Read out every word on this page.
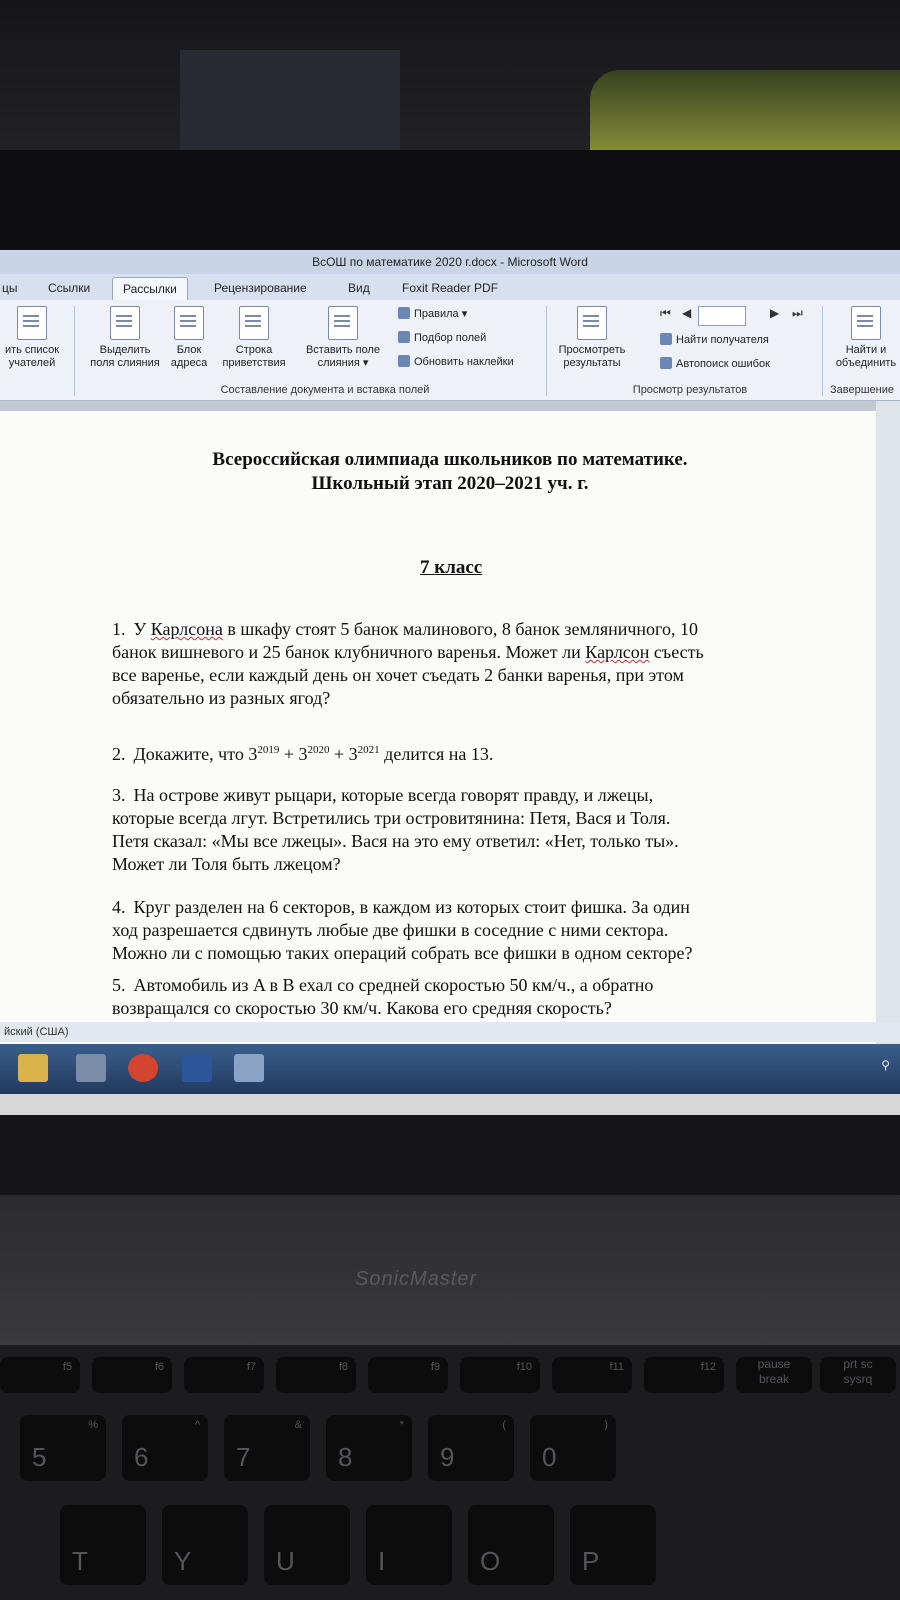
ВсОШ по математике 2020 г.docx - Microsoft Word
цы	Ссылки	Рассылки	Рецензирование	Вид	Foxit Reader PDF
ить список
учателей
Выделить
поля слияния
Блок
адреса
Строка
приветствия
Вставить поле
слияния ▾
Правила ▾
Подбор полей
Обновить наклейки
Составление документа и вставка полей
Просмотреть
результаты
⏮ ◀	▶ ⏭
Найти получателя
Автопоиск ошибок
Просмотр результатов
Найти и
объединить
Завершение
Всероссийская олимпиада школьников по математике.
Школьный этап 2020–2021 уч. г.
7 класс
1. У Карлсона в шкафу стоят 5 банок малинового, 8 банок земляничного, 10
банок вишневого и 25 банок клубничного варенья. Может ли Карлсон съесть
все варенье, если каждый день он хочет съедать 2 банки варенья, при этом
обязательно из разных ягод?
2. Докажите, что $3^{2019} + 3^{2020} + 3^{2021}$ делится на 13.
3. На острове живут рыцари, которые всегда говорят правду, и лжецы,
которые всегда лгут. Встретились три островитянина: Петя, Вася и Толя.
Петя сказал: «Мы все лжецы». Вася на это ему ответил: «Нет, только ты».
Может ли Толя быть лжецом?
4. Круг разделен на 6 секторов, в каждом из которых стоит фишка. За один
ход разрешается сдвинуть любые две фишки в соседние с ними сектора.
Можно ли с помощью таких операций собрать все фишки в одном секторе?
5. Автомобиль из A в B ехал со средней скоростью 50 км/ч., а обратно
возвращался со скоростью 30 км/ч. Какова его средняя скорость?
йский (США)
⚲
SonicMaster
f5	f6	f7	f8	f9	f10	f11	f12	pause
break
prt sc
sysrq
%
5
^
6
&
7
*
8
(
9
)
0
T	Y	U	I	O	P
